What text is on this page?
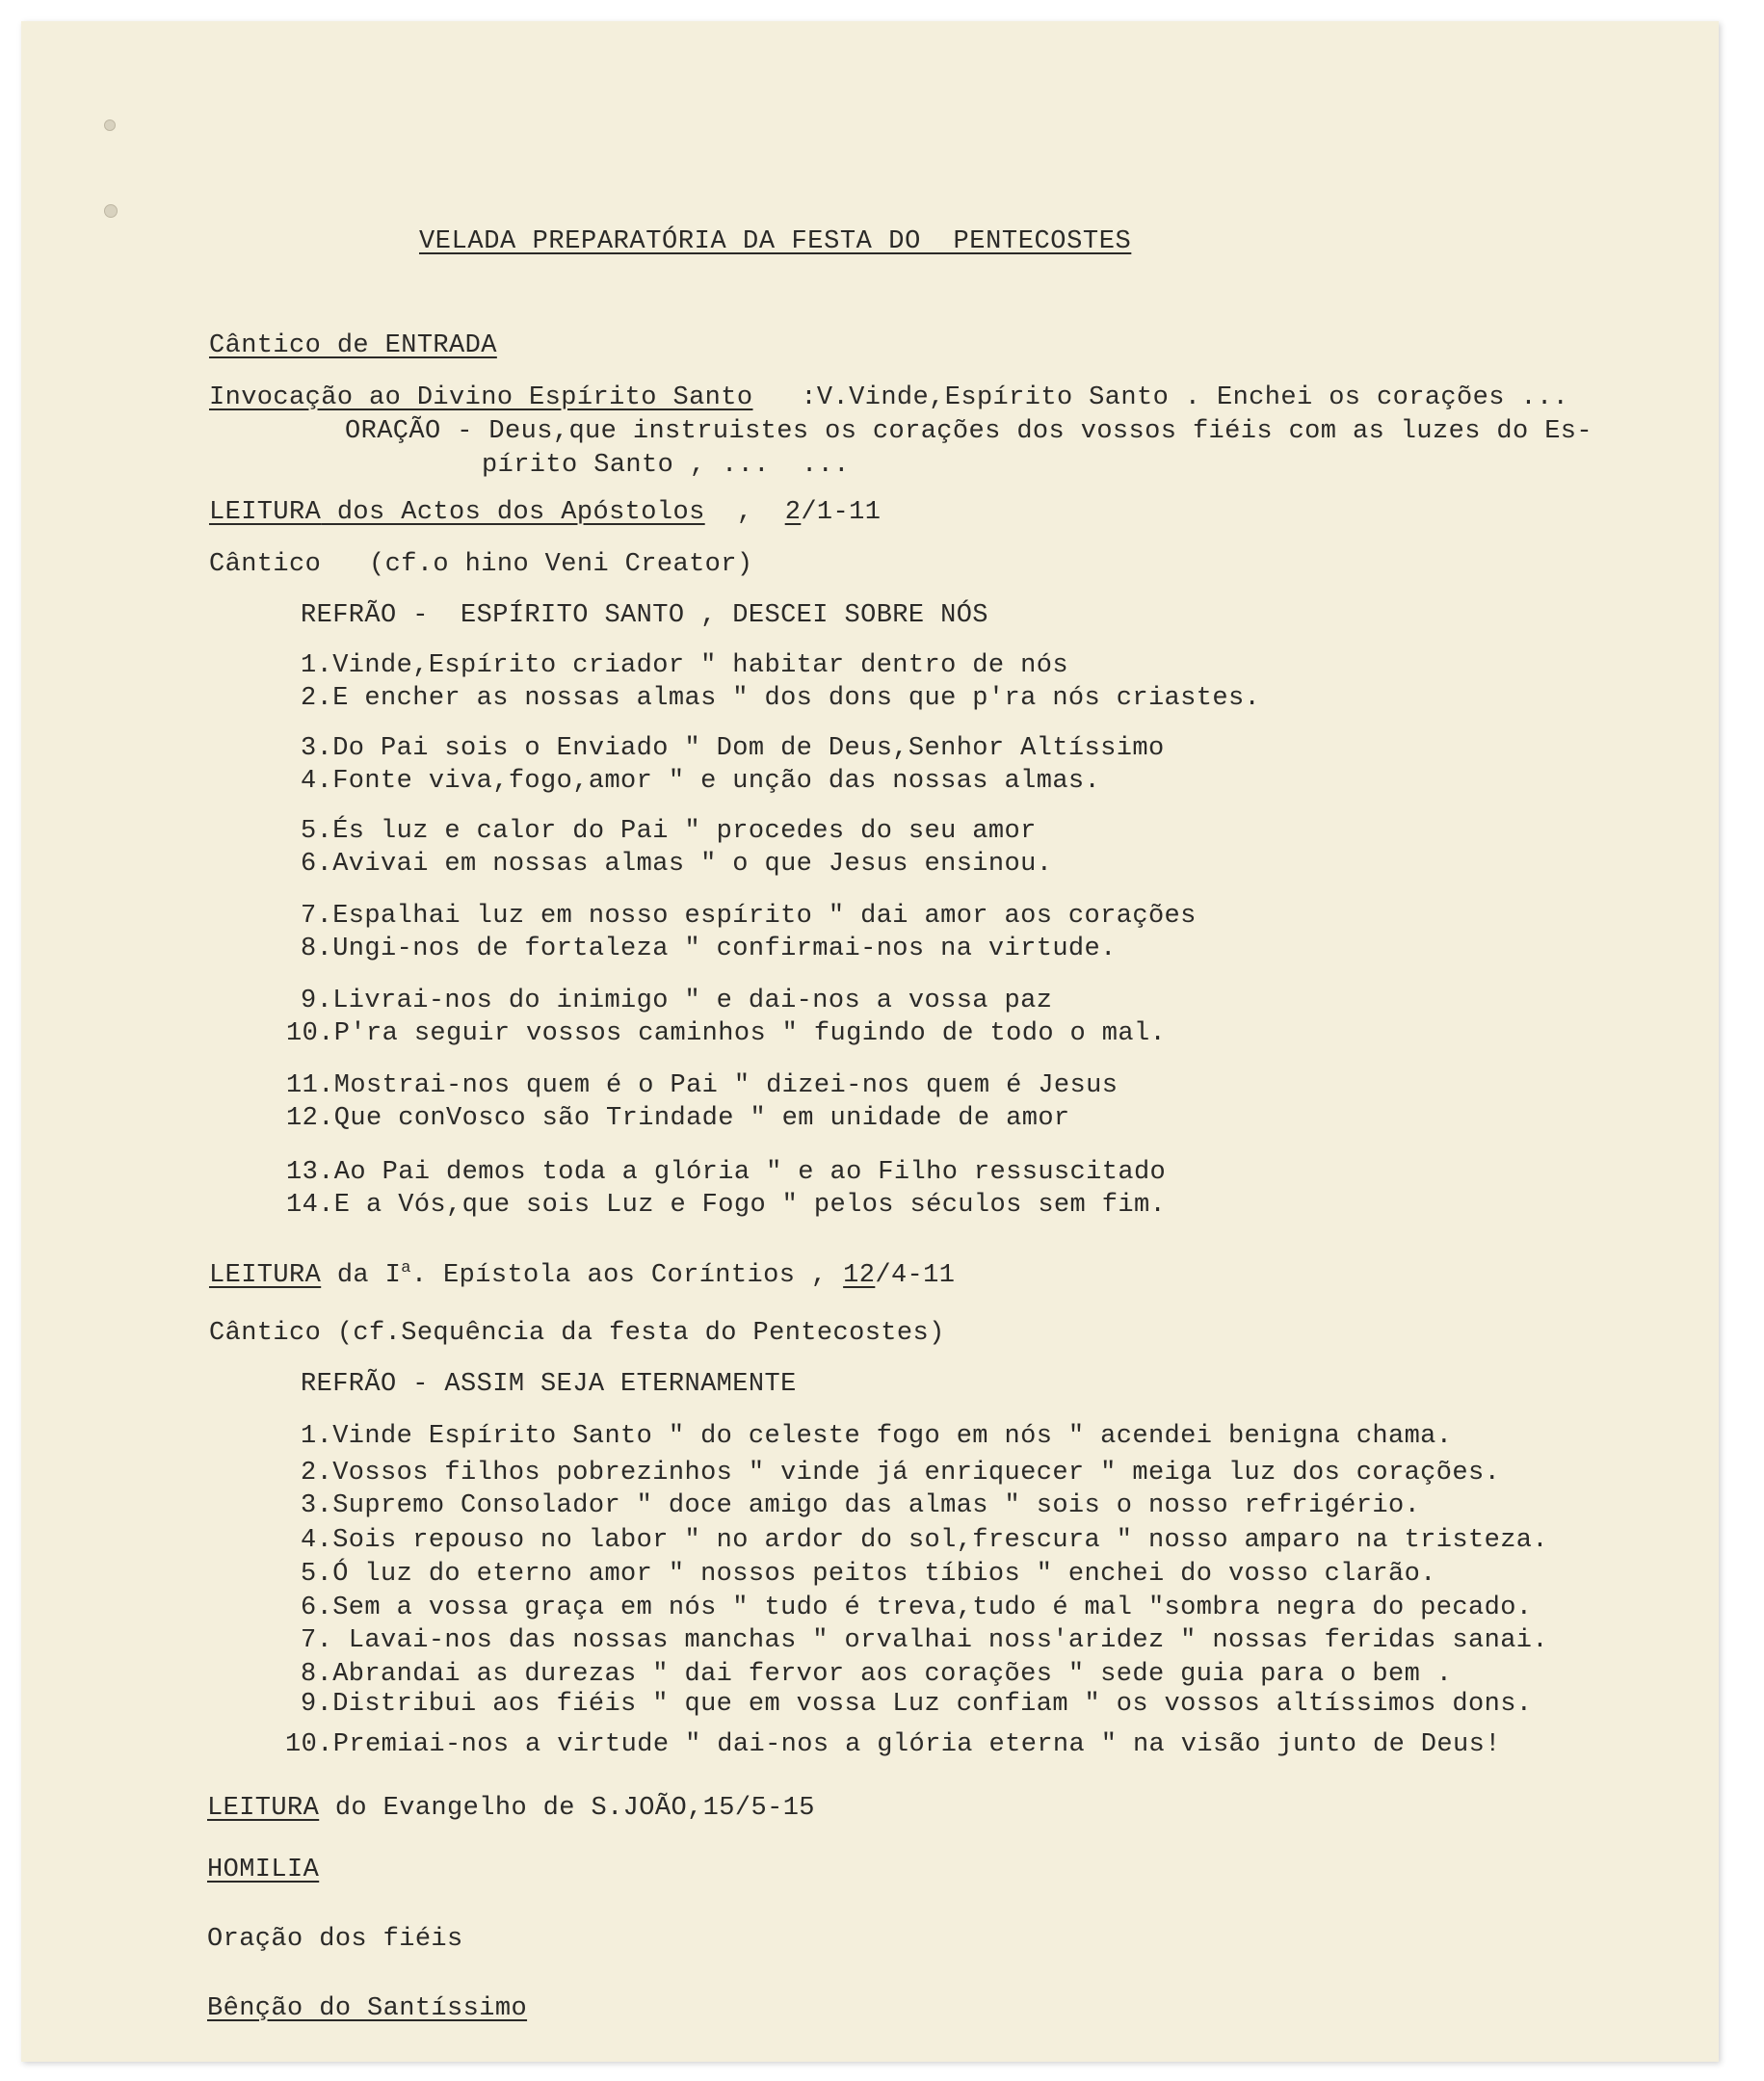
VELADA PREPARATÓRIA DA FESTA DO  PENTECOSTES
Cântico de ENTRADA
Invocação ao Divino Espírito Santo :V.Vinde,Espírito Santo . Enchei os corações ...
ORAÇÃO - Deus,que instruistes os corações dos vossos fiéis com as luzes do Es-
pírito Santo , ...  ...
LEITURA dos Actos dos Apóstolos  ,  2/1-11
Cântico   (cf.o hino Veni Creator)
REFRÃO -  ESPÍRITO SANTO , DESCEI SOBRE NÓS
1.Vinde,Espírito criador " habitar dentro de nós
2.E encher as nossas almas " dos dons que p'ra nós criastes.
3.Do Pai sois o Enviado " Dom de Deus,Senhor Altíssimo
4.Fonte viva,fogo,amor " e unção das nossas almas.
5.És luz e calor do Pai " procedes do seu amor
6.Avivai em nossas almas " o que Jesus ensinou.
7.Espalhai luz em nosso espírito " dai amor aos corações
8.Ungi-nos de fortaleza " confirmai-nos na virtude.
9.Livrai-nos do inimigo " e dai-nos a vossa paz
10.P'ra seguir vossos caminhos " fugindo de todo o mal.
11.Mostrai-nos quem é o Pai " dizei-nos quem é Jesus
12.Que conVosco são Trindade " em unidade de amor
13.Ao Pai demos toda a glória " e ao Filho ressuscitado
14.E a Vós,que sois Luz e Fogo " pelos séculos sem fim.
LEITURA da $I^a$. Epístola aos Coríntios , 12/4-11
Cântico (cf.Sequência da festa do Pentecostes)
REFRÃO - ASSIM SEJA ETERNAMENTE
1.Vinde Espírito Santo " do celeste fogo em nós " acendei benigna chama.
2.Vossos filhos pobrezinhos " vinde já enriquecer " meiga luz dos corações.
3.Supremo Consolador " doce amigo das almas " sois o nosso refrigério.
4.Sois repouso no labor " no ardor do sol,frescura " nosso amparo na tristeza.
5.Ó luz do eterno amor " nossos peitos tíbios " enchei do vosso clarão.
6.Sem a vossa graça em nós " tudo é treva,tudo é mal "sombra negra do pecado.
7. Lavai-nos das nossas manchas " orvalhai noss'aridez " nossas feridas sanai.
8.Abrandai as durezas " dai fervor aos corações " sede guia para o bem .
9.Distribui aos fiéis " que em vossa Luz confiam " os vossos altíssimos dons.
10.Premiai-nos a virtude " dai-nos a glória eterna " na visão junto de Deus!
LEITURA do Evangelho de S.JOÃO,15/5-15
HOMILIA
Oração dos fiéis
Bênção do Santíssimo
